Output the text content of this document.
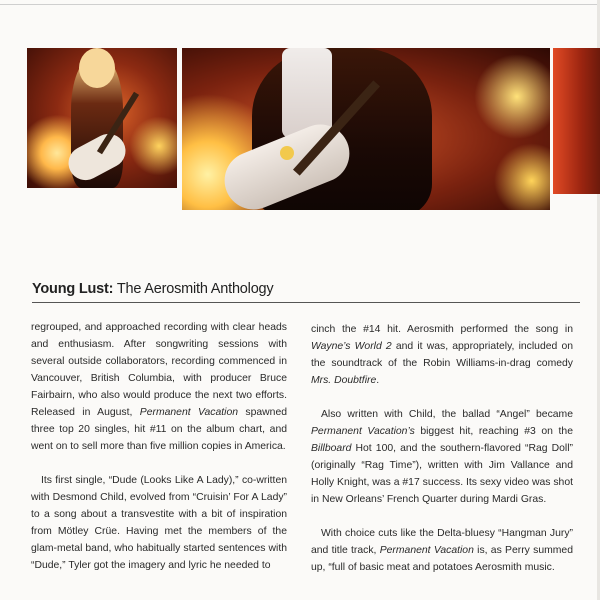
Young Lust: The Aerosmith Anthology

regrouped, and approached recording with clear heads and enthusiasm. After songwriting sessions with several outside collaborators, recording commenced in Vancouver, British Columbia, with producer Bruce Fairbairn, who also would produce the next two efforts. Released in August, Permanent Vacation spawned three top 20 singles, hit #11 on the album chart, and went on to sell more than five million copies in America.

Its first single, “Dude (Looks Like A Lady),” co-written with Desmond Child, evolved from “Cruisin’ For A Lady” to a song about a transvestite with a bit of inspiration from Mötley Crüe. Having met the members of the glam-metal band, who habitually started sentences with “Dude,” Tyler got the imagery and lyric he needed to

cinch the #14 hit. Aerosmith performed the song in Wayne’s World 2 and it was, appropriately, included on the soundtrack of the Robin Williams-in-drag comedy Mrs. Doubtfire.

Also written with Child, the ballad “Angel” became Permanent Vacation’s biggest hit, reaching #3 on the Billboard Hot 100, and the southern-flavored “Rag Doll” (originally “Rag Time”), written with Jim Vallance and Holly Knight, was a #17 success. Its sexy video was shot in New Orleans’ French Quarter during Mardi Gras.

With choice cuts like the Delta-bluesy “Hangman Jury” and title track, Permanent Vacation is, as Perry summed up, “full of basic meat and potatoes Aerosmith music.
